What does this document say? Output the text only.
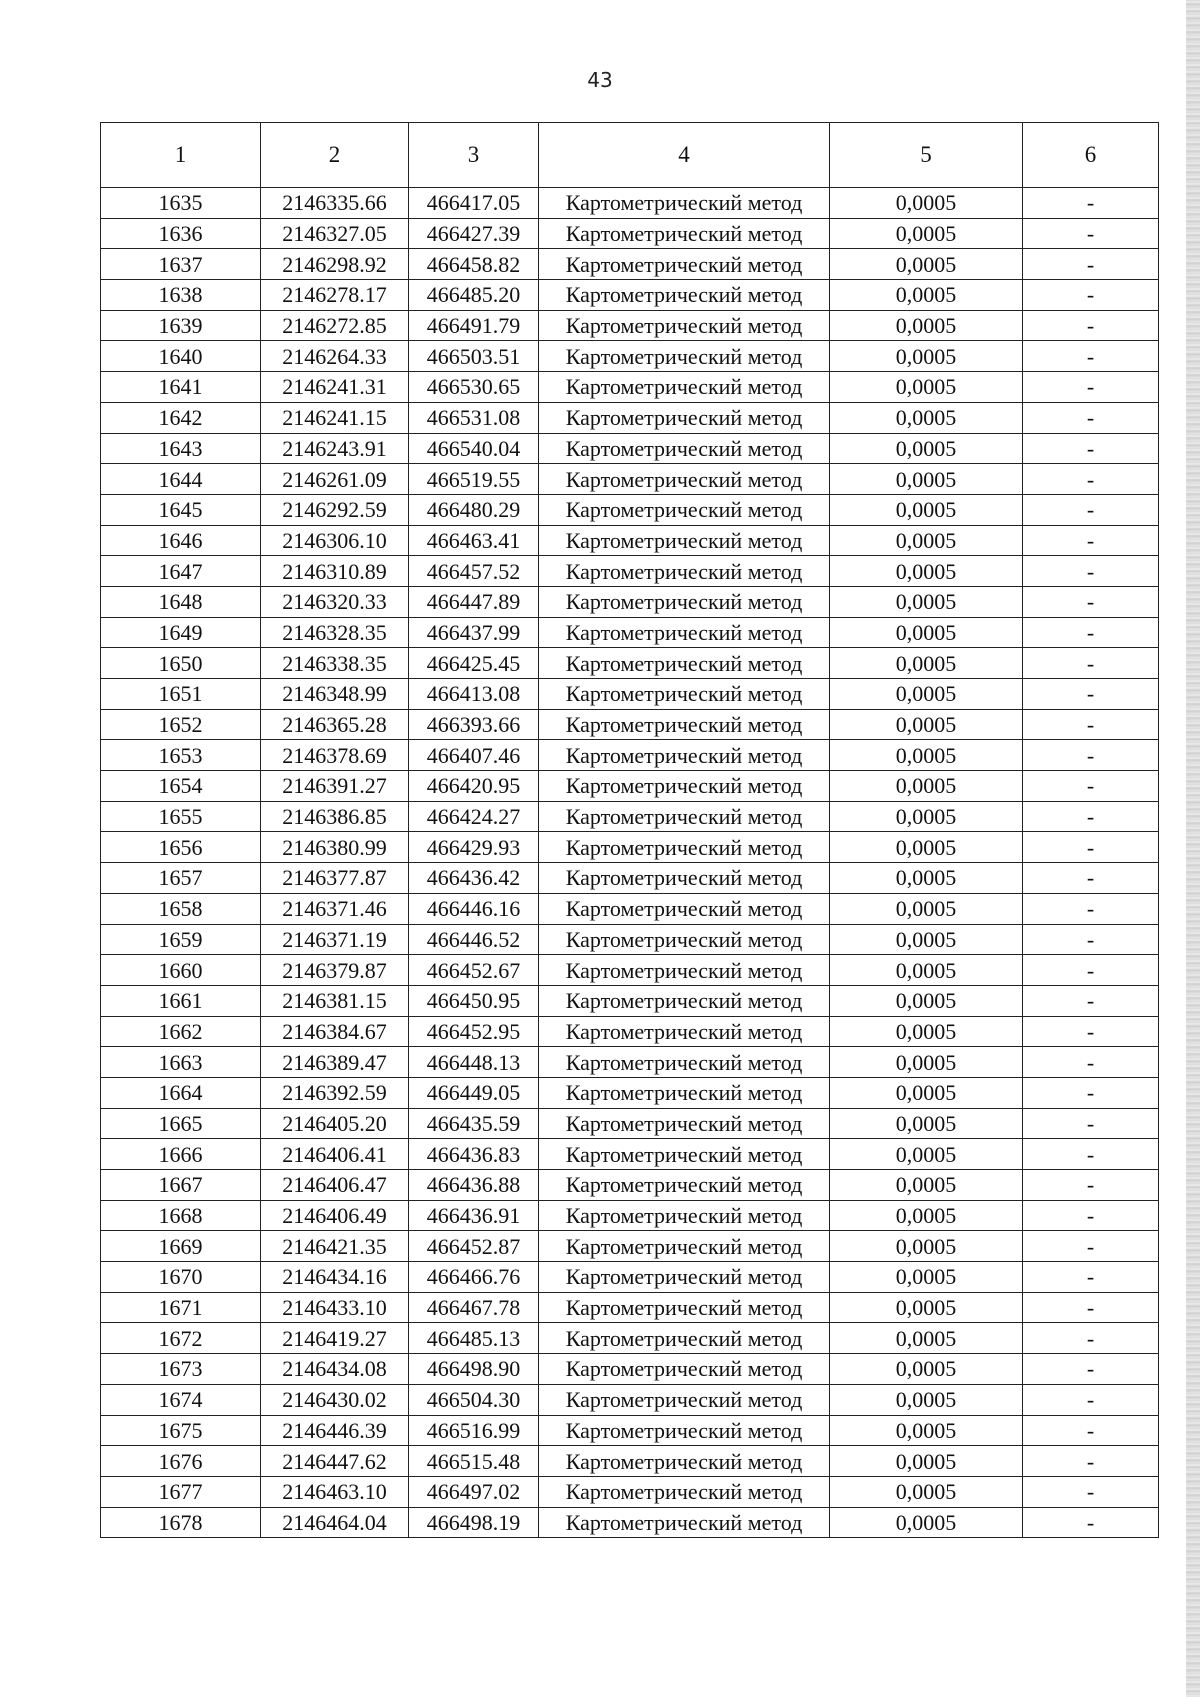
43
1	2	3	4	5	6
1635	2146335.66	466417.05	Картометрический метод	0,0005	-
1636	2146327.05	466427.39	Картометрический метод	0,0005	-
1637	2146298.92	466458.82	Картометрический метод	0,0005	-
1638	2146278.17	466485.20	Картометрический метод	0,0005	-
1639	2146272.85	466491.79	Картометрический метод	0,0005	-
1640	2146264.33	466503.51	Картометрический метод	0,0005	-
1641	2146241.31	466530.65	Картометрический метод	0,0005	-
1642	2146241.15	466531.08	Картометрический метод	0,0005	-
1643	2146243.91	466540.04	Картометрический метод	0,0005	-
1644	2146261.09	466519.55	Картометрический метод	0,0005	-
1645	2146292.59	466480.29	Картометрический метод	0,0005	-
1646	2146306.10	466463.41	Картометрический метод	0,0005	-
1647	2146310.89	466457.52	Картометрический метод	0,0005	-
1648	2146320.33	466447.89	Картометрический метод	0,0005	-
1649	2146328.35	466437.99	Картометрический метод	0,0005	-
1650	2146338.35	466425.45	Картометрический метод	0,0005	-
1651	2146348.99	466413.08	Картометрический метод	0,0005	-
1652	2146365.28	466393.66	Картометрический метод	0,0005	-
1653	2146378.69	466407.46	Картометрический метод	0,0005	-
1654	2146391.27	466420.95	Картометрический метод	0,0005	-
1655	2146386.85	466424.27	Картометрический метод	0,0005	-
1656	2146380.99	466429.93	Картометрический метод	0,0005	-
1657	2146377.87	466436.42	Картометрический метод	0,0005	-
1658	2146371.46	466446.16	Картометрический метод	0,0005	-
1659	2146371.19	466446.52	Картометрический метод	0,0005	-
1660	2146379.87	466452.67	Картометрический метод	0,0005	-
1661	2146381.15	466450.95	Картометрический метод	0,0005	-
1662	2146384.67	466452.95	Картометрический метод	0,0005	-
1663	2146389.47	466448.13	Картометрический метод	0,0005	-
1664	2146392.59	466449.05	Картометрический метод	0,0005	-
1665	2146405.20	466435.59	Картометрический метод	0,0005	-
1666	2146406.41	466436.83	Картометрический метод	0,0005	-
1667	2146406.47	466436.88	Картометрический метод	0,0005	-
1668	2146406.49	466436.91	Картометрический метод	0,0005	-
1669	2146421.35	466452.87	Картометрический метод	0,0005	-
1670	2146434.16	466466.76	Картометрический метод	0,0005	-
1671	2146433.10	466467.78	Картометрический метод	0,0005	-
1672	2146419.27	466485.13	Картометрический метод	0,0005	-
1673	2146434.08	466498.90	Картометрический метод	0,0005	-
1674	2146430.02	466504.30	Картометрический метод	0,0005	-
1675	2146446.39	466516.99	Картометрический метод	0,0005	-
1676	2146447.62	466515.48	Картометрический метод	0,0005	-
1677	2146463.10	466497.02	Картометрический метод	0,0005	-
1678	2146464.04	466498.19	Картометрический метод	0,0005	-
